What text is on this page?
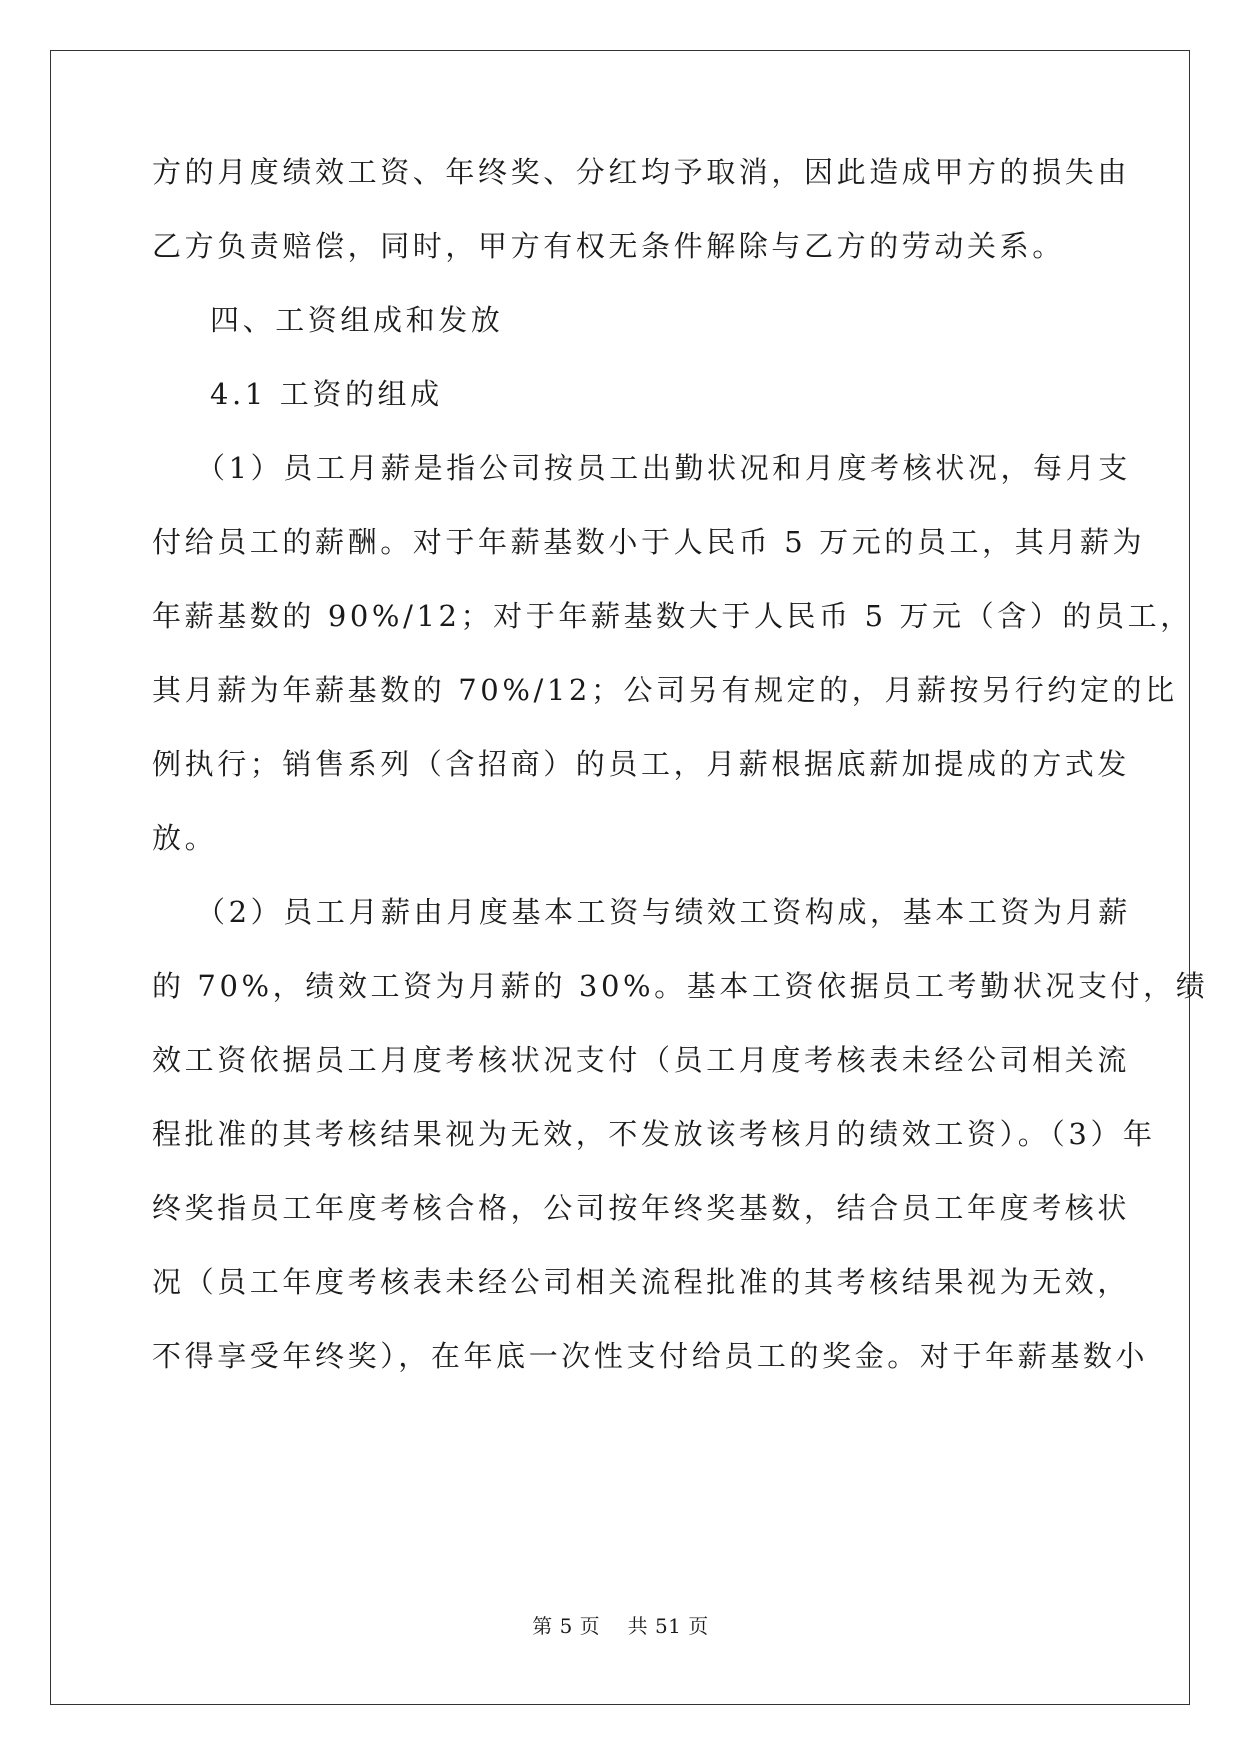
方的月度绩效工资、年终奖、分红均予取消，因此造成甲方的损失由
乙方负责赔偿，同时，甲方有权无条件解除与乙方的劳动关系。
四、工资组成和发放
4.1 工资的组成
（1）员工月薪是指公司按员工出勤状况和月度考核状况，每月支
付给员工的薪酬。对于年薪基数小于人民币 5 万元的员工，其月薪为
年薪基数的 90%/12；对于年薪基数大于人民币 5 万元（含）的员工，
其月薪为年薪基数的 70%/12；公司另有规定的，月薪按另行约定的比
例执行；销售系列（含招商）的员工，月薪根据底薪加提成的方式发
放。
（2）员工月薪由月度基本工资与绩效工资构成，基本工资为月薪
的 70%，绩效工资为月薪的 30%。基本工资依据员工考勤状况支付，绩
效工资依据员工月度考核状况支付（员工月度考核表未经公司相关流
程批准的其考核结果视为无效，不发放该考核月的绩效工资）。（3）年
终奖指员工年度考核合格，公司按年终奖基数，结合员工年度考核状
况（员工年度考核表未经公司相关流程批准的其考核结果视为无效，
不得享受年终奖），在年底一次性支付给员工的奖金。对于年薪基数小
第 5 页    共 51 页
